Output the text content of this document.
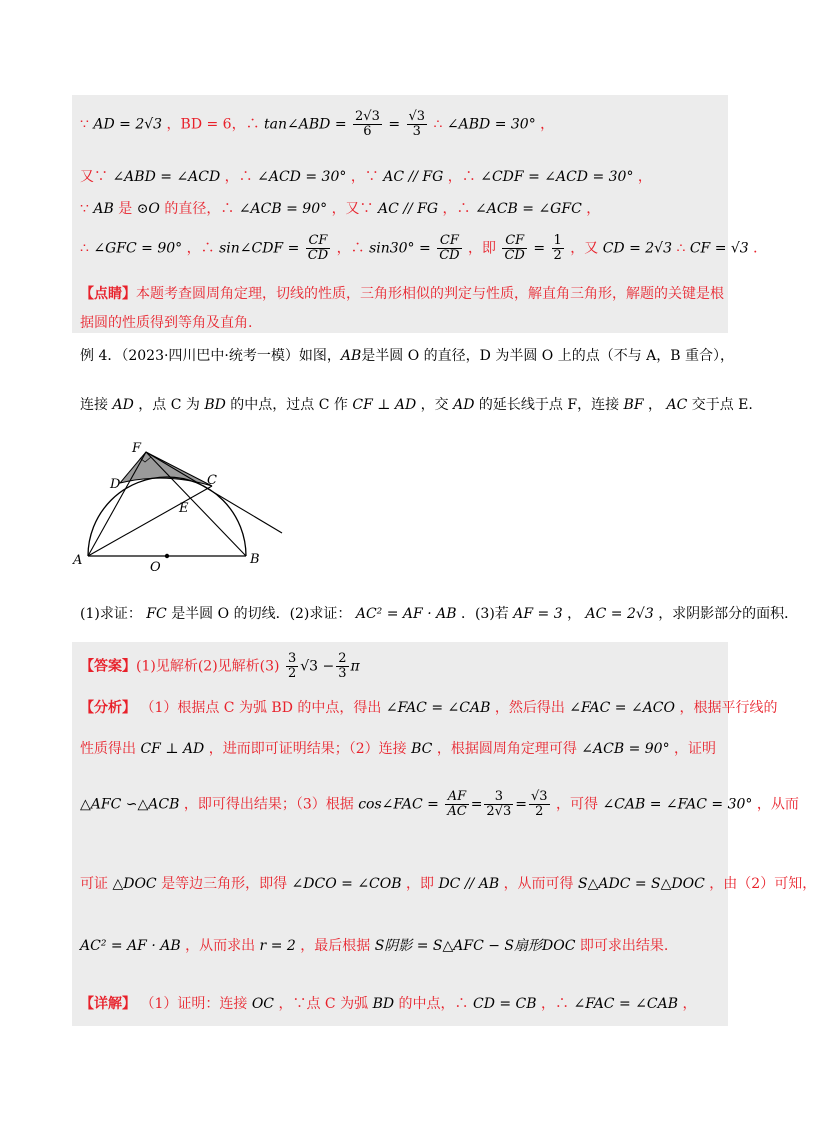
∵ AD = 2√3 ，BD = 6，∴ tan∠ABD = $\frac{2√3}{6} = \frac{√3}{3}$ ∴ ∠ABD = 30° ，
又∵ ∠ABD = ∠ACD ，∴ ∠ACD = 30° ，∵ AC // FG ，∴ ∠CDF = ∠ACD = 30° ，
∵ AB 是 ⊙O 的直径，∴ ∠ACB = 90° ，又∵ AC // FG ，∴ ∠ACB = ∠GFC ，
∴ ∠GFC = 90° ，∴ sin∠CDF = $\frac{CF}{CD}$ ，∴ $\sin 30^\circ = \frac{CF}{CD}$ ，即 $\frac{CF}{CD} = \frac{1}{2}$ ，又 CD = 2√3 ∴ CF = √3 ．
【点睛】本题考查圆周角定理，切线的性质，三角形相似的判定与性质，解直角三角形，解题的关键是根
据圆的性质得到等角及直角.
例 4．（2023·四川巴中·统考一模）如图，AB是半圆 O 的直径，D 为半圆 O 上的点（不与 A，B 重合），
连接 AD ，点 C 为 BD 的中点，过点 C 作 CF ⊥ AD ，交 AD 的延长线于点 F，连接 BF ， AC 交于点 E.
F
D	C
E
A	O
B
(1)求证： FC 是半圆 O 的切线．(2)求证： AC² = AF · AB ．(3)若 AF = 3 ， AC = 2√3 ，求阴影部分的面积．
【答案】(1)见解析(2)见解析$(3) \frac{3}{2} √3 - \frac{2}{3}$ π
【分析】 （1）根据点 C 为弧 BD 的中点，得出 ∠FAC = ∠CAB ，然后得出 ∠FAC = ∠ACO ，根据平行线的
性质得出 CF ⊥ AD ，进而即可证明结果；（2）连接 BC ，根据圆周角定理可得 ∠ACB = 90° ，证明
△AFC ∽△ACB ，即可得出结果；（3）根据 cos∠FAC = $\frac{AF}{AC} = \frac{3}{2√3} = \frac{√3}{2}$ ，可得 ∠CAB = ∠FAC = 30° ，从而
可证 △DOC 是等边三角形，即得 ∠DCO = ∠COB ，即 DC // AB ，从而可得 S△ADC = S△DOC ，由（2）可知，
AC² = AF · AB ，从而求出 r = 2 ，最后根据 S阴影 = S△AFC − S扇形DOC 即可求出结果.
【详解】 （1）证明：连接 OC ，∵点 C 为弧 BD 的中点，∴ CD = CB ，∴ ∠FAC = ∠CAB ，
